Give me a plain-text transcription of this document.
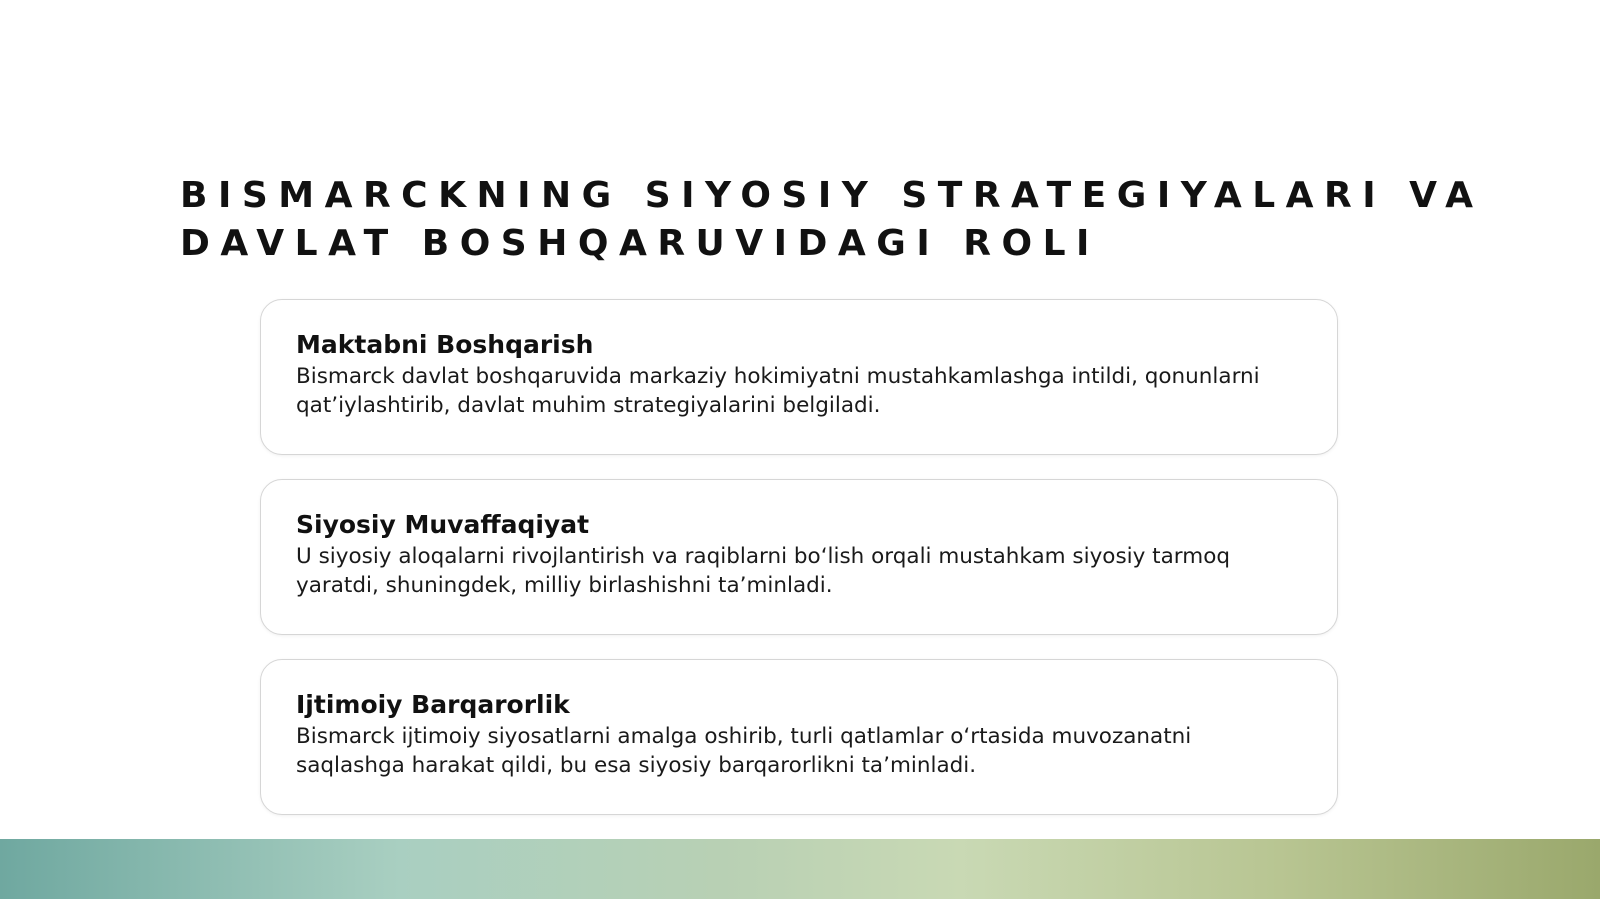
BISMARCKNING SIYOSIY STRATEGIYALARI VA DAVLAT BOSHQARUVIDAGI ROLI
Maktabni Boshqarish

Bismarck davlat boshqaruvida markaziy hokimiyatni mustahkamlashga intildi, qonunlarni qat’iylashtirib, davlat muhim strategiyalarini belgiladi.

Siyosiy Muvaffaqiyat

U siyosiy aloqalarni rivojlantirish va raqiblarni bo‘lish orqali mustahkam siyosiy tarmoq yaratdi, shuningdek, milliy birlashishni ta’minladi.

Ijtimoiy Barqarorlik

Bismarck ijtimoiy siyosatlarni amalga oshirib, turli qatlamlar o‘rtasida muvozanatni saqlashga harakat qildi, bu esa siyosiy barqarorlikni ta’minladi.
